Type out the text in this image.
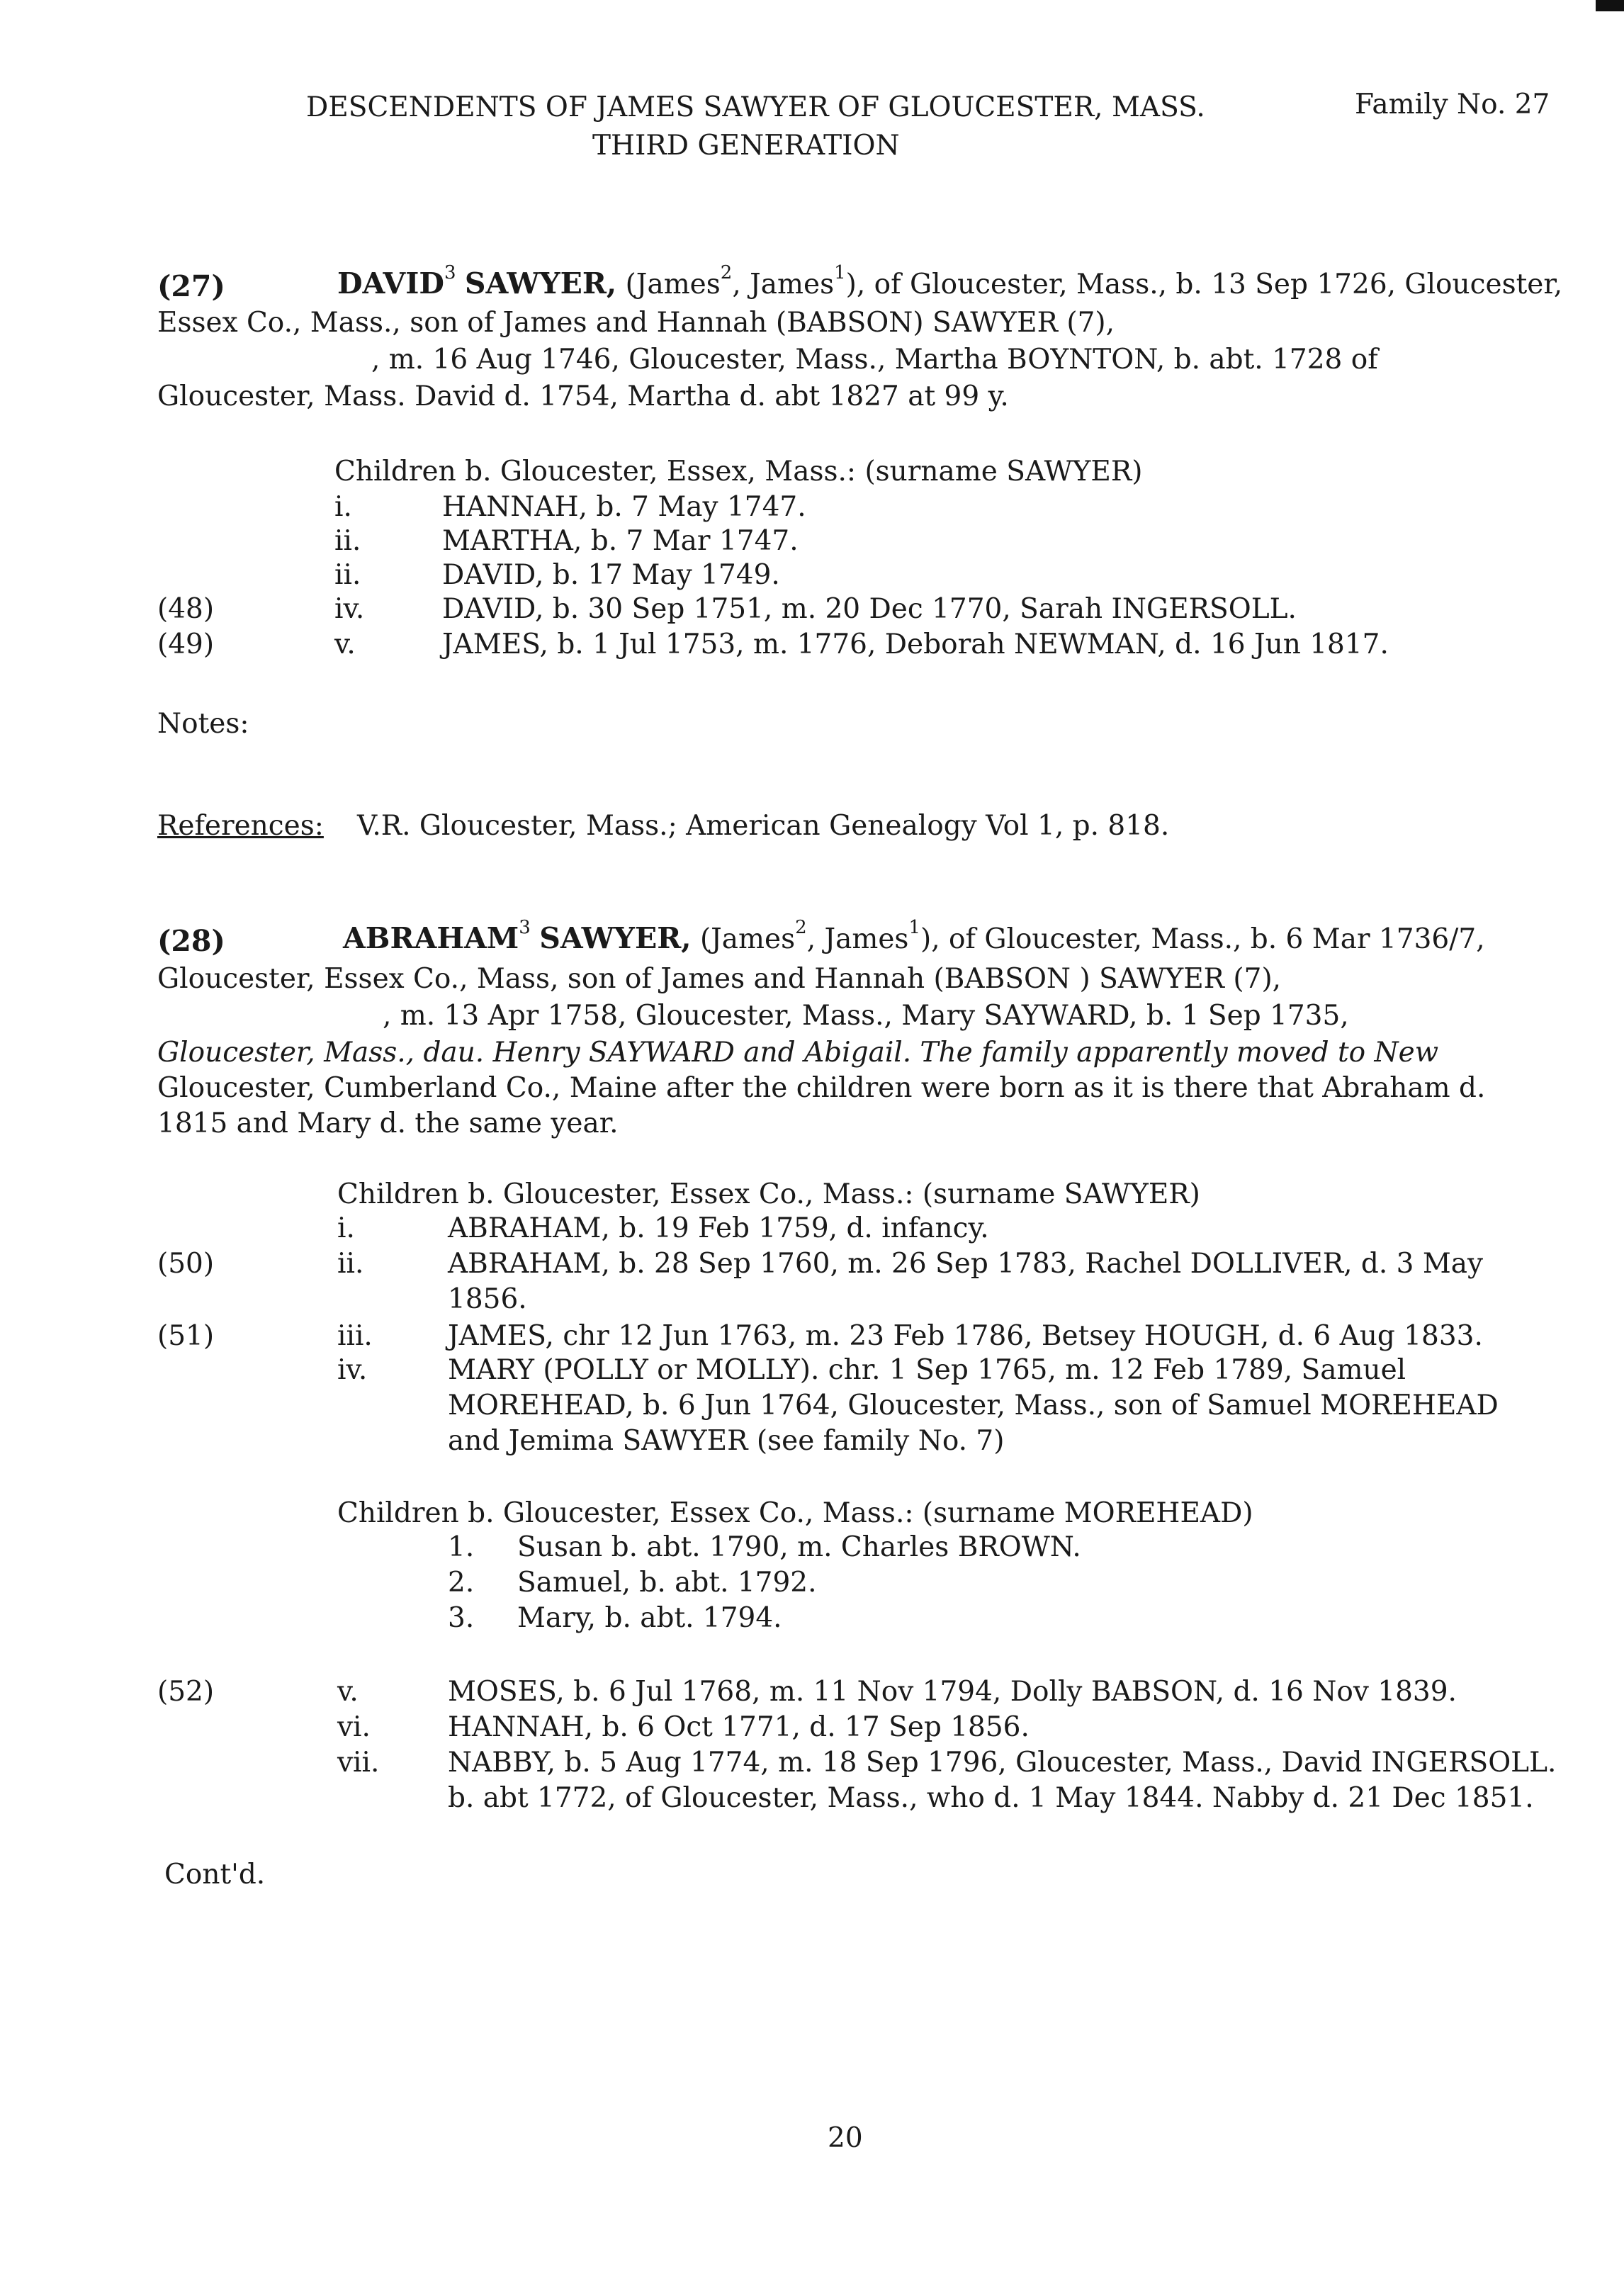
DESCENDENTS OF JAMES SAWYER OF GLOUCESTER, MASS.
THIRD GENERATION
Family No. 27
(27)	DAVID$^3$ SAWYER, (James$^2$, James$^1$), of Gloucester, Mass., b. 13 Sep 1726, Gloucester,
Essex Co., Mass., son of James and Hannah (BABSON) SAWYER (7),
, m. 16 Aug 1746, Gloucester, Mass., Martha BOYNTON, b. abt. 1728 of
Gloucester, Mass. David d. 1754, Martha d. abt 1827 at 99 y.
Children b. Gloucester, Essex, Mass.: (surname SAWYER)
i.	HANNAH, b. 7 May 1747.
ii.	MARTHA, b. 7 Mar 1747.
ii.	DAVID, b. 17 May 1749.
(48)	iv.	DAVID, b. 30 Sep 1751, m. 20 Dec 1770, Sarah INGERSOLL.
(49)	v.	JAMES, b. 1 Jul 1753, m. 1776, Deborah NEWMAN, d. 16 Jun 1817.
Notes:
References: V.R. Gloucester, Mass.; American Genealogy Vol 1, p. 818.
(28)	ABRAHAM$^3$ SAWYER, (James$^2$, James$^1$), of Gloucester, Mass., b. 6 Mar 1736/7,
Gloucester, Essex Co., Mass, son of James and Hannah (BABSON ) SAWYER (7),
, m. 13 Apr 1758, Gloucester, Mass., Mary SAYWARD, b. 1 Sep 1735,
Gloucester, Mass., dau. Henry SAYWARD and Abigail. The family apparently moved to New
Gloucester, Cumberland Co., Maine after the children were born as it is there that Abraham d.
1815 and Mary d. the same year.
Children b. Gloucester, Essex Co., Mass.: (surname SAWYER)
i.	ABRAHAM, b. 19 Feb 1759, d. infancy.
(50)	ii.	ABRAHAM, b. 28 Sep 1760, m. 26 Sep 1783, Rachel DOLLIVER, d. 3 May
1856.
(51)	iii.	JAMES, chr 12 Jun 1763, m. 23 Feb 1786, Betsey HOUGH, d. 6 Aug 1833.
iv.	MARY (POLLY or MOLLY). chr. 1 Sep 1765, m. 12 Feb 1789, Samuel
MOREHEAD, b. 6 Jun 1764, Gloucester, Mass., son of Samuel MOREHEAD
and Jemima SAWYER (see family No. 7)
Children b. Gloucester, Essex Co., Mass.: (surname MOREHEAD)
1. Susan b. abt. 1790, m. Charles BROWN.
2. Samuel, b. abt. 1792.
3. Mary, b. abt. 1794.
(52)	v.	MOSES, b. 6 Jul 1768, m. 11 Nov 1794, Dolly BABSON, d. 16 Nov 1839.
vi.	HANNAH, b. 6 Oct 1771, d. 17 Sep 1856.
vii. NABBY, b. 5 Aug 1774, m. 18 Sep 1796, Gloucester, Mass., David INGERSOLL.
b. abt 1772, of Gloucester, Mass., who d. 1 May 1844. Nabby d. 21 Dec 1851.
Cont'd.
20
